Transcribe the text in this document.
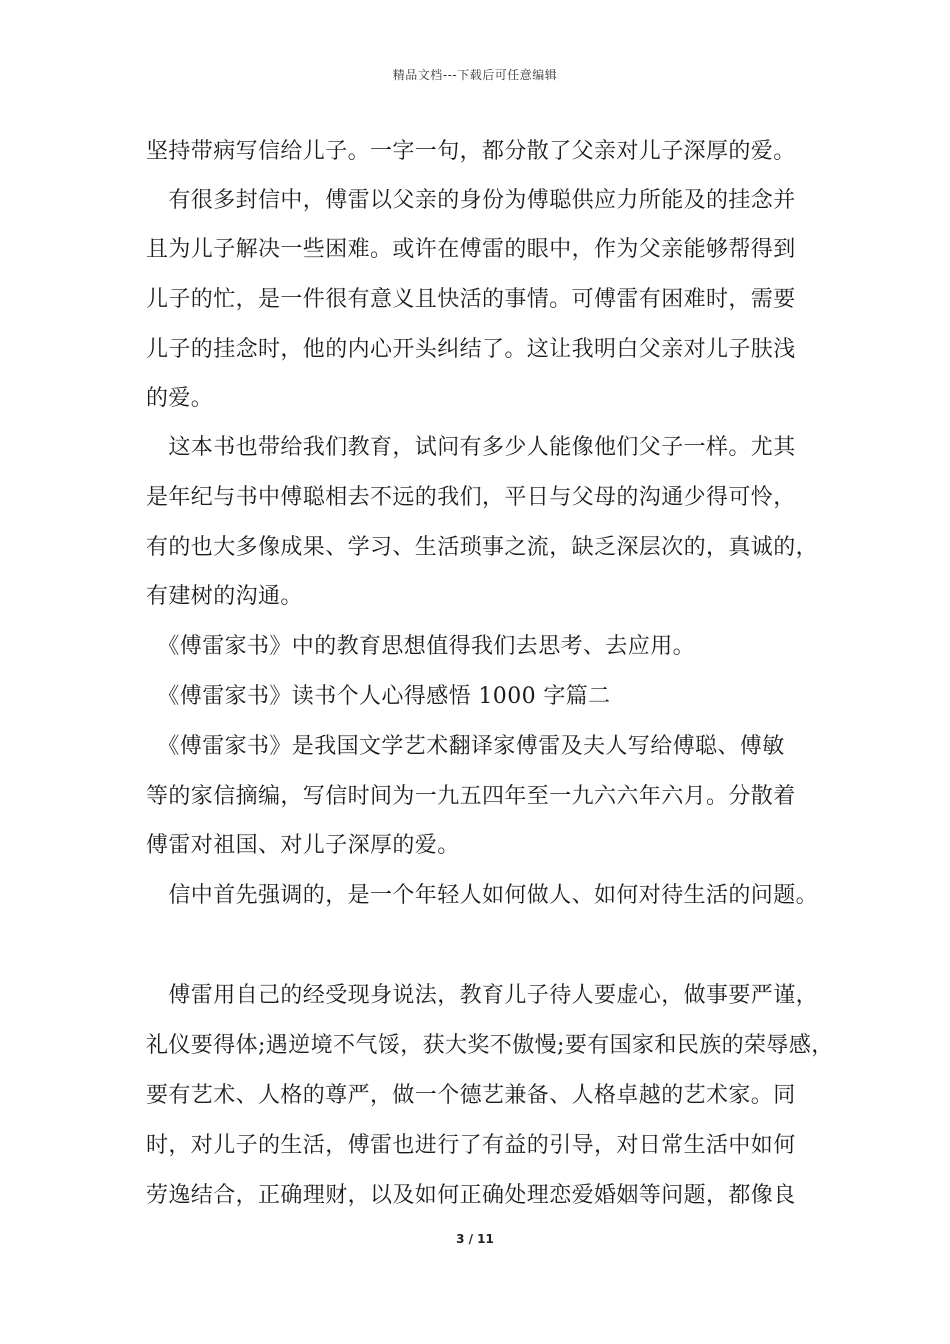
精品文档---下载后可任意编辑
坚持带病写信给儿子。一字一句，都分散了父亲对儿子深厚的爱。
　有很多封信中，傅雷以父亲的身份为傅聪供应力所能及的挂念并
且为儿子解决一些困难。或许在傅雷的眼中，作为父亲能够帮得到
儿子的忙，是一件很有意义且快活的事情。可傅雷有困难时，需要
儿子的挂念时，他的内心开头纠结了。这让我明白父亲对儿子肤浅
的爱。
　这本书也带给我们教育，试问有多少人能像他们父子一样。尤其
是年纪与书中傅聪相去不远的我们，平日与父母的沟通少得可怜，
有的也大多像成果、学习、生活琐事之流，缺乏深层次的，真诚的，
有建树的沟通。
　《傅雷家书》中的教育思想值得我们去思考、去应用。
　《傅雷家书》读书个人心得感悟 1000 字篇二
　《傅雷家书》是我国文学艺术翻译家傅雷及夫人写给傅聪、傅敏
等的家信摘编，写信时间为一九五四年至一九六六年六月。分散着
傅雷对祖国、对儿子深厚的爱。
　信中首先强调的，是一个年轻人如何做人、如何对待生活的问题。
　傅雷用自己的经受现身说法，教育儿子待人要虚心，做事要严谨，
礼仪要得体;遇逆境不气馁，获大奖不傲慢;要有国家和民族的荣辱感，
要有艺术、人格的尊严，做一个德艺兼备、人格卓越的艺术家。同
时，对儿子的生活，傅雷也进行了有益的引导，对日常生活中如何
劳逸结合，正确理财，以及如何正确处理恋爱婚姻等问题，都像良
3 / 11
